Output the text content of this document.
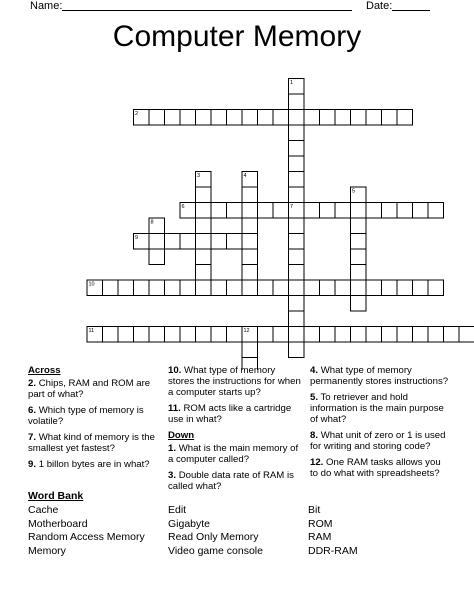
Name:	Date:
Computer Memory
1
2
3	4
5
6	7
8
9
10
11	12
Across
2. Chips, RAM and ROM are part of what?
6. Which type of memory is volatile?
7. What kind of memory is the smallest yet fastest?
9. 1 billon bytes are in what?
10. What type of memory stores the instructions for when a computer starts up?
11. ROM acts like a cartridge use in what?
Down
1. What is the main memory of a computer called?
3. Double data rate of RAM is called what?
4. What type of memory permanently stores instructions?
5. To retriever and hold information is the main purpose of what?
8. What unit of zero or 1 is used for writing and storing code?
12. One RAM tasks allows you to do what with spreadsheets?
Word Bank
Cache
Motherboard
Random Access Memory
Memory
Edit
Gigabyte
Read Only Memory
Video game console
Bit
ROM
RAM
DDR-RAM
